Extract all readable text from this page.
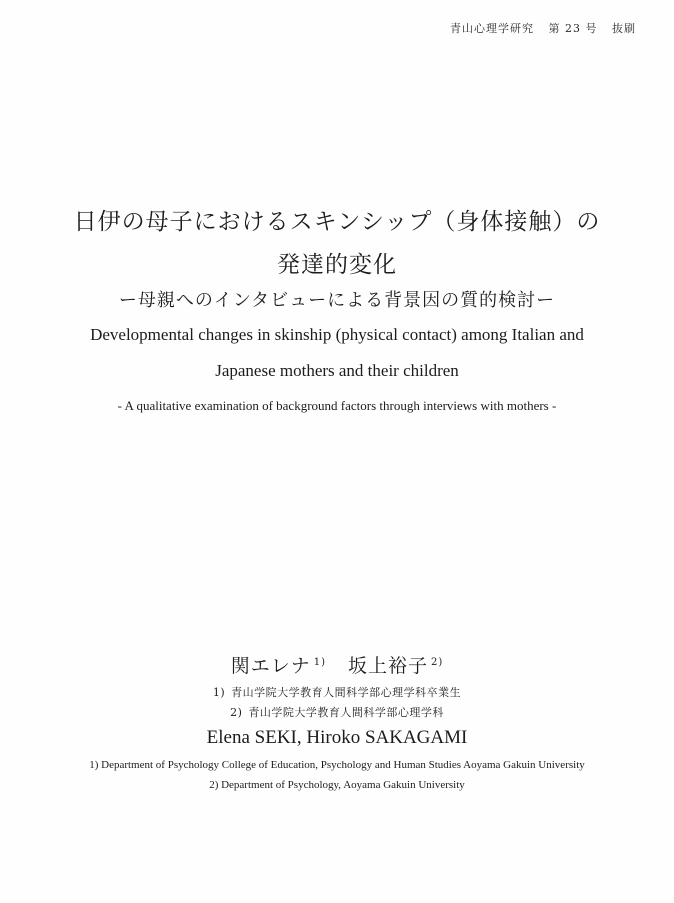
青山心理学研究 第 23 号 抜刷
日伊の母子におけるスキンシップ（身体接触）の
発達的変化
ー母親へのインタビューによる背景因の質的検討ー
Developmental changes in skinship (physical contact) among Italian and
Japanese mothers and their children
- A qualitative examination of background factors through interviews with mothers -
関エレナ $^{1)}$ 坂上裕子 $^{2)}$
1) 青山学院大学教育人間科学部心理学科卒業生
2) 青山学院大学教育人間科学部心理学科
Elena SEKI, Hiroko SAKAGAMI
1) Department of Psychology College of Education, Psychology and Human Studies Aoyama Gakuin University
2) Department of Psychology, Aoyama Gakuin University
